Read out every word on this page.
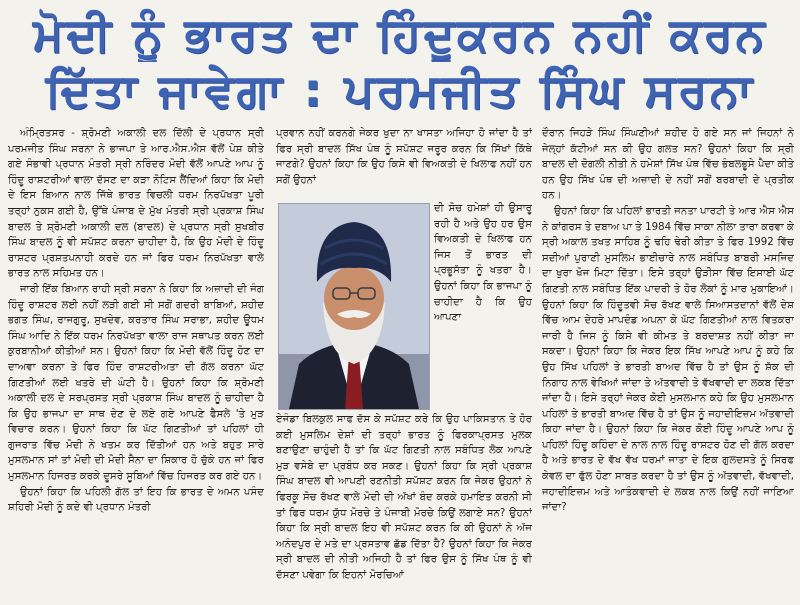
ਮੋਦੀ ਨੂੰ ਭਾਰਤ ਦਾ ਹਿੰਦੂਕਰਨ ਨਹੀਂ ਕਰਨ
ਦਿੱਤਾ ਜਾਵੇਗਾ : ਪਰਮਜੀਤ ਸਿੰਘ ਸਰਨਾ

ਅੰਮ੍ਰਿਤਸਰ - ਸ਼੍ਰੋਮਣੀ ਅਕਾਲੀ ਦਲ ਦਿੱਲੀ ਦੇ ਪ੍ਰਧਾਨ ਸ੍ਰੀ ਪਰਮਜੀਤ ਸਿੰਘ ਸਰਨਾ ਨੇ ਭਾਜਪਾ ਤੇ ਆਰ.ਐਸ.ਐਸ ਵੱਲੋਂ ਪੇਸ਼ ਕੀਤੇ ਗਏ ਸੰਭਾਵੀ ਪ੍ਰਧਾਨ ਮੰਤਰੀ ਸ੍ਰੀ ਨਰਿੰਦਰ ਮੋਦੀ ਵੱਲੋਂ ਆਪਣੇ ਆਪ ਨੂੰ ਹਿੰਦੂ ਰਾਸ਼ਟਰੀਆਂ ਵਾਲਾ ਦੱਸਣ ਦਾ ਕੜਾ ਨੋਟਿਸ ਲੈਂਦਿਆਂ ਕਿਹਾ ਕਿ ਮੋਦੀ ਦੇ ਇਸ ਬਿਆਨ ਨਾਲ ਜਿੱਥੇ ਭਾਰਤ ਵਿਚਲੀ ਧਰਮ ਨਿਰਪੱਖਤਾ ਪੂਰੀ ਤਰ੍ਹਾਂ ਨੁਕਸ ਗਈ ਹੈ, ਉੱਥੇ ਪੰਜਾਬ ਦੇ ਮੁੱਖ ਮੰਤਰੀ ਸ੍ਰੀ ਪ੍ਰਕਾਸ਼ ਸਿੰਘ ਬਾਦਲ ਤੇ ਸ਼੍ਰੋਮਣੀ ਅਕਾਲੀ ਦਲ (ਬਾਦਲ) ਦੇ ਪ੍ਰਧਾਨ ਸ੍ਰੀ ਸੁਖਬੀਰ ਸਿੰਘ ਬਾਦਲ ਨੂੰ ਵੀ ਸਪੱਸ਼ਟ ਕਰਨਾ ਚਾਹੀਦਾ ਹੈ, ਕਿ ਉਹ ਮੋਦੀ ਦੇ ਹਿੰਦੂ ਰਾਸ਼ਟਰ ਪ੍ਰਸ਼ਤਪਨਾਹੀ ਕਰਦੇ ਹਨ ਜਾਂ ਫਿਰ ਧਰਮ ਨਿਰਪੱਖਤਾ ਵਾਲੇ ਭਾਰਤ ਨਾਲ ਸਹਿਮਤ ਹਨ।

ਜਾਰੀ ਇੱਕ ਬਿਆਨ ਰਾਹੀ ਸ੍ਰੀ ਸਰਨਾ ਨੇ ਕਿਹਾ ਕਿ ਅਜ਼ਾਦੀ ਦੀ ਜੰਗ ਹਿੰਦੂ ਰਾਸ਼ਟਰ ਲਈ ਨਹੀਂ ਲੜੀ ਗਈ ਸੀ ਸਗੋਂ ਗਦਰੀ ਬਾਬਿਆਂ, ਸ਼ਹੀਦ ਭਗਤ ਸਿੰਘ, ਰਾਜਗੁਰੂ, ਸੁਖਦੇਵ, ਕਰਤਾਰ ਸਿੰਘ ਸਰਾਭਾ, ਸ਼ਹੀਦ ਊਧਮ ਸਿੰਘ ਆਦਿ ਨੇ ਇੱਕ ਧਰਮ ਨਿਰਪੱਖਤਾ ਵਾਲਾ ਰਾਜ ਸਥਾਪਤ ਕਰਨ ਲਈ ਕੁਰਬਾਨੀਆਂ ਕੀਤੀਆਂ ਸਨ। ਉਹਨਾਂ ਕਿਹਾ ਕਿ ਮੋਦੀ ਵੱਲੋਂ ਹਿੰਦੂ ਹੋਣ ਦਾ ਦਾਅਵਾ ਕਰਨਾ ਤੇ ਫਿਰ ਹਿੰਦ ਰਾਸ਼ਟਰੀਅਤਾ ਦੀ ਗੱਲ ਕਰਨਾ ਘੱਟ ਗਿਣਤੀਆਂ ਲਈ ਖਤਰੇ ਦੀ ਘੰਟੀ ਹੈ। ਉਹਨਾਂ ਕਿਹਾ ਕਿ ਸ਼੍ਰੋਮਣੀ ਅਕਾਲੀ ਦਲ ਦੇ ਸਰਪ੍ਰਸਤ ਸ੍ਰੀ ਪ੍ਰਕਾਸ਼ ਸਿੰਘ ਬਾਦਲ ਨੂੰ ਚਾਹੀਦਾ ਹੈ ਕਿ ਉਹ ਭਾਜਪਾ ਦਾ ਸਾਥ ਦੇਣ ਦੇ ਲਏ ਗਏ ਆਪਣੇ ਫੈਸਲੇ 'ਤੇ ਮੁੜ ਵਿਚਾਰ ਕਰਨ। ਉਹਨਾਂ ਕਿਹਾ ਕਿ ਘੱਟ ਗਿਣਤੀਆਂ ਤਾਂ ਪਹਿਲਾਂ ਹੀ ਗੁਜਰਾਤ ਵਿੱਚ ਮੋਦੀ ਨੇ ਖਤਮ ਕਰ ਦਿੱਤੀਆਂ ਹਨ ਅਤੇ ਬਹੁਤ ਸਾਰੇ ਮੁਸਲਮਾਨ ਸਾਂ ਤਾਂ ਮੋਦੀ ਦੀ ਮੋਦੀ ਸੈਨਾ ਦਾ ਸ਼ਿਕਾਰ ਹੋ ਚੁੱਕੇ ਹਨ ਜਾਂ ਫਿਰ ਮੁਸਲਮਾਨ ਹਿਜਰਤ ਕਰਕੇ ਦੂਸਰੇ ਸੂਬਿਆਂ ਵਿੱਚ ਹਿਜਰਤ ਕਰ ਗਏ ਹਨ।

ਉਹਨਾਂ ਕਿਹਾ ਕਿ ਪਹਿਲੀ ਗੱਲ ਤਾਂ ਇਹ ਕਿ ਭਾਰਤ ਦੇ ਅਮਨ ਪਸੰਦ ਸ਼ਹਿਰੀ ਮੋਦੀ ਨੂੰ ਕਦੇ ਵੀ ਪ੍ਰਧਾਨ ਮੰਤਰੀ

ਪ੍ਰਵਾਨ ਨਹੀਂ ਕਰਨਗੇ ਜੇਕਰ ਖੁਦਾ ਨਾ ਖਾਸਤਾ ਅਜਿਹਾ ਹੋ ਜਾਂਦਾ ਹੈ ਤਾਂ ਫਿਰ ਸ੍ਰੀ ਬਾਦਲ ਸਿੱਖ ਪੰਥ ਨੂੰ ਸਪੱਸ਼ਟ ਜਰੂਰ ਕਰਨ ਕਿ ਸਿੱਖਾਂ ਕਿੱਥੇ ਜਾਣਗੇ? ਉਹਨਾਂ ਕਿਹਾ ਕਿ ਉਹ ਕਿਸੇ ਵੀ ਵਿਅਕਤੀ ਦੇ ਖਿਲਾਫ ਨਹੀਂ ਹਨ ਸਗੋਂ ਉਹਨਾਂ

ਦੀ ਸੋਚ ਹਮੇਸ਼ਾਂ ਹੀ ਉਸਾਰੂ ਰਹੀ ਹੈ ਅਤੇ ਉਹ ਹਰ ਉਸ ਵਿਅਕਤੀ ਦੇ ਖਿਲਾਫ ਹਨ ਜਿਸ ਤੋਂ ਭਾਰਤ ਦੀ ਪ੍ਰਭੂਸੱਤਾ ਨੂੰ ਖਤਰਾ ਹੈ। ਉਹਨਾਂ ਕਿਹਾ ਕਿ ਭਾਜਪਾ ਨੂੰ ਚਾਹੀਦਾ ਹੈ ਕਿ ਉਹ ਆਪਣਾ

ਏਜੰਡਾ ਬਿਲਕੁਲ ਸਾਫ ਦੱਸ ਕੇ ਸਪੱਸ਼ਟ ਕਰੇ ਕਿ ਉਹ ਪਾਕਿਸਤਾਨ ਤੇ ਹੋਰ ਕਈ ਮੁਸਲਿਮ ਦੇਸ਼ਾਂ ਦੀ ਤਰ੍ਹਾਂ ਭਾਰਤ ਨੂੰ ਫਿਰਕਾਪ੍ਰਸਤ ਮੁਲਕ ਬਣਾਉਣਾ ਚਾਹੁੰਦੀ ਹੈ ਤਾਂ ਕਿ ਘੱਟ ਗਿਣਤੀ ਨਾਲ ਸਬੰਧਿਤ ਲੋਕ ਆਪਣੇ ਮੁੜ ਵਸੇਬੇ ਦਾ ਪ੍ਰਬੰਧ ਕਰ ਸਕਣ। ਉਹਨਾਂ ਕਿਹਾ ਕਿ ਸ੍ਰੀ ਪ੍ਰਕਾਸ਼ ਸਿੰਘ ਬਾਦਲ ਵੀ ਆਪਣੀ ਰਣਨੀਤੀ ਸਪੱਸ਼ਟ ਕਰਨ ਕਿ ਜੇਕਰ ਉਹਨਾਂ ਨੇ ਫਿਰਕੂ ਸੋਚ ਰੱਖਣ ਵਾਲੇ ਮੋਦੀ ਦੀ ਅੱਖਾਂ ਬੰਦ ਕਰਕੇ ਹਮਾਇਤ ਕਰਨੀ ਸੀ ਤਾਂ ਫਿਰ ਧਰਮ ਯੁੱਧ ਮੋਰਚੇ ਤੇ ਪੰਜਾਬੀ ਮੋਰਚੇ ਕਿਉਂ ਲਗਾਏ ਸਨ? ਉਹਨਾਂ ਕਿਹਾ ਕਿ ਸ੍ਰੀ ਬਾਦਲ ਇਹ ਵੀ ਸਪੱਸ਼ਟ ਕਰਨ ਕਿ ਕੀ ਉਹਨਾਂ ਨੇ ਅੱਜ ਅਨੰਦਪੁਰ ਦੇ ਮਤੇ ਦਾ ਪ੍ਰਸਤਾਵ ਛੱਡ ਦਿੱਤਾ ਹੈ? ਉਹਨਾਂ ਕਿਹਾ ਕਿ ਜੇਕਰ ਸ੍ਰੀ ਬਾਦਲ ਦੀ ਨੀਤੀ ਅਜਿਹੀ ਹੈ ਤਾਂ ਫਿਰ ਉਸ ਨੂੰ ਸਿੱਖ ਪੰਥ ਨੂੰ ਵੀ ਦੱਸਣਾ ਪਵੇਗਾ ਕਿ ਇਹਨਾਂ ਮੋਰਚਿਆਂ

ਦੌਰਾਨ ਜਿਹੜੇ ਸਿੰਘ ਸਿੰਘਣੀਆਂ ਸ਼ਹੀਦ ਹੋ ਗਏ ਸਨ ਜਾਂ ਜਿਹਨਾਂ ਨੇ ਜੇਲ੍ਹਾਂ ਕੱਟੀਆਂ ਸਨ ਕੀ ਉਹ ਗਲਤ ਸਨ? ਉਹਨਾਂ ਕਿਹਾ ਕਿ ਸ੍ਰੀ ਬਾਦਲ ਦੀ ਦੋਗਲੀ ਨੀਤੀ ਨੇ ਹਮੇਸ਼ਾਂ ਸਿੱਖ ਪੰਥ ਵਿੱਚ ਭੰਬਲਭੂਸੇ ਪੈਦਾ ਕੀਤੇ ਹਨ ਉਹ ਸਿੱਖ ਪੰਥ ਦੀ ਅਜ਼ਾਦੀ ਦੇ ਨਹੀਂ ਸਗੋਂ ਬਰਬਾਦੀ ਦੇ ਪ੍ਰਤੀਕ ਹਨ।

ਉਹਨਾਂ ਕਿਹਾ ਕਿ ਪਹਿਲਾਂ ਭਾਰਤੀ ਜਨਤਾ ਪਾਰਟੀ ਤੇ ਆਰ ਐਸ ਐਸ ਨੇ ਕਾਂਗਰਸ ਤੇ ਦਬਾਅ ਪਾ ਤੇ 1984 ਵਿੱਚ ਸਾਕਾ ਨੀਲਾ ਤਾਰਾ ਕਰਵਾ ਕੇ ਸ੍ਰੀ ਅਕਾਲ ਤਖਤ ਸਾਹਿਬ ਨੂੰ ਢਹਿ ਢੇਰੀ ਕੀਤਾ ਤੇ ਫਿਰ 1992 ਵਿੱਚ ਸਦੀਆਂ ਪੁਰਾਣੀ ਮੁਸਲਿਮ ਭਾਈਚਾਰੇ ਨਾਲ ਸਬੰਧਿਤ ਬਾਬਰੀ ਮਸਜਿਦ ਦਾ ਖੁਰਾ ਖੋਜ ਮਿਟਾ ਦਿੱਤਾ। ਇਸੇ ਤਰ੍ਹਾਂ ਉੜੀਸਾ ਵਿੱਚ ਇਸਾਈ ਘੱਟ ਗਿਣਤੀ ਨਾਲ ਸਬੰਧਿਤ ਇੱਕ ਪਾਦਰੀ ਤੇ ਹੋਰ ਲੋਕਾਂ ਨੂੰ ਮਾਰ ਮੁਕਾਇਆਂ। ਉਹਨਾਂ ਕਿਹਾ ਕਿ ਹਿੰਦੂਤਵੀ ਸੋਚ ਰੱਖਣ ਵਾਲੇ ਸਿਆਸਤਦਾਨਾਂ ਵੱਲੋਂ ਦੇਸ਼ ਵਿੱਚ ਆਮ ਦੇਹਰੇ ਮਾਪਦੰਡ ਅਪਨਾ ਕੇ ਘੱਟ ਗਿਣਤੀਆਂ ਨਾਲ ਵਿਤਕਰਾ ਜਾਰੀ ਹੈ ਜਿਸ ਨੂੰ ਕਿਸੇ ਵੀ ਕੀਮਤ ਤੇ ਬਰਦਾਸ਼ਤ ਨਹੀਂ ਕੀਤਾ ਜਾ ਸਕਦਾ। ਉਹਨਾਂ ਕਿਹਾ ਕਿ ਜੇਕਰ ਇਕ ਸਿੱਖ ਆਪਣੇ ਆਪ ਨੂੰ ਕਹੇ ਕਿ ਉਹ ਸਿੱਖ ਪਹਿਲਾਂ ਤੇ ਭਾਰਤੀ ਬਾਅਦ ਵਿੱਚ ਹੈ ਤਾਂ ਉਸ ਨੂੰ ਸ਼ੱਕ ਦੀ ਨਿਗਾਹ ਨਾਲ ਵੇਖਿਆਂ ਜਾਂਦਾ ਤੇ ਅੱਤਵਾਦੀ ਤੇ ਵੱਖਵਾਦੀ ਦਾ ਲਕਬ ਦਿੱਤਾ ਜਾਂਦਾ ਹੈ। ਇਸੇ ਤਰ੍ਹਾਂ ਜੇਕਰ ਕੋਈ ਮੁਸਲਮਾਨ ਕਹੇ ਕਿ ਉਹ ਮੁਸਲਮਾਨ ਪਹਿਲਾਂ ਤੇ ਭਾਰਤੀ ਬਾਅਦ ਵਿੱਚ ਹੈ ਤਾਂ ਉਸ ਨੂੰ ਜਹਾਦੀਇਜ਼ਮ ਅੱਤਵਾਦੀ ਕਿਹਾ ਜਾਂਦਾ ਹੈ। ਉਹਨਾਂ ਕਿਹਾ ਕਿ ਜੇਕਰ ਕੋਈ ਹਿੰਦੂ ਆਪਣੇ ਆਪ ਨੂੰ ਪਹਿਲਾਂ ਹਿੰਦੂ ਕਹਿੰਦਾ ਦੇ ਨਾਲ ਨਾਲ ਹਿੰਦੂ ਰਾਸ਼ਟਰ ਹੋਣ ਦੀ ਗੱਲ ਕਰਦਾ ਹੈ ਅਤੇ ਭਾਰਤ ਦੇ ਵੱਖ ਵੱਖ ਧਰਮਾਂ ਜਾਤਾ ਦੇ ਇਕ ਗੁਲਦਸਤੇ ਨੂੰ ਸਿਰਫ ਕੇਵਲ ਦਾ ਫੁੱਲ ਹੋਣਾ ਸਾਬਤ ਕਰਦਾ ਹੈ ਤਾਂ ਉਸ ਨੂੰ ਅੱਤਵਾਦੀ, ਵੱਖਵਾਦੀ, ਜਹਾਦੀਇਜ਼ਮ ਅਤੇ ਆਤੰਕਵਾਦੀ ਦੇ ਲਕਬ ਨਾਲ ਕਿਉਂ ਨਹੀਂ ਜਾਣਿਆ ਜਾਂਦਾ?
